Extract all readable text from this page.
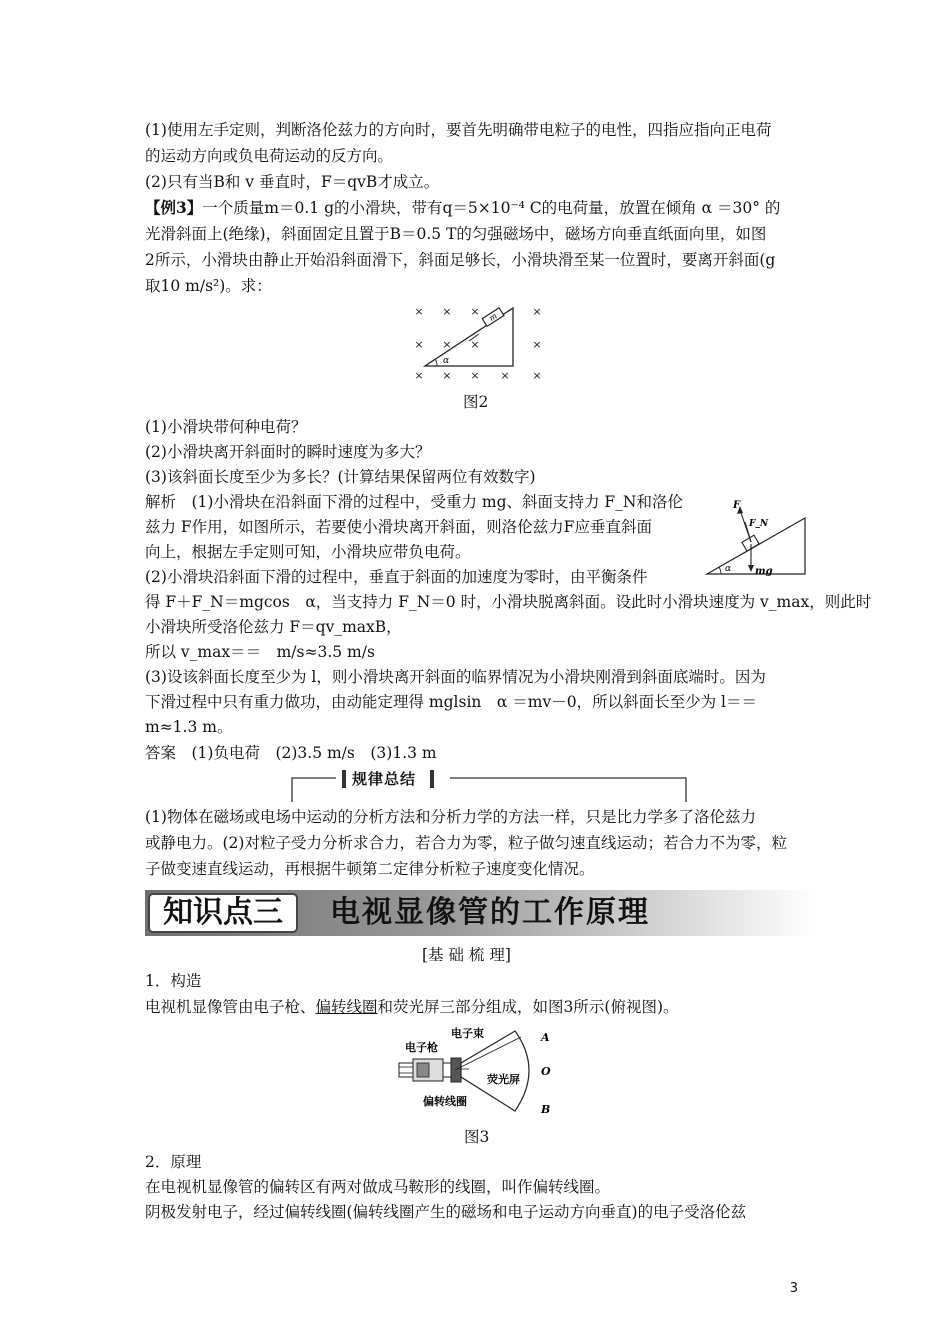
(1)使用左手定则，判断洛伦兹力的方向时，要首先明确带电粒子的电性，四指应指向正电荷
的运动方向或负电荷运动的反方向。
(2)只有当B和 v 垂直时，F＝qvB才成立。
【例3】一个质量m＝0.1 g的小滑块，带有q＝5×10⁻⁴ C的电荷量，放置在倾角 α ＝30° 的
光滑斜面上(绝缘)，斜面固定且置于B＝0.5 T的匀强磁场中，磁场方向垂直纸面向里，如图
2所示，小滑块由静止开始沿斜面滑下，斜面足够长，小滑块滑至某一位置时，要离开斜面(g
取10 m/s²)。求：
× × ×	×
× × ×	×
× × × × ×
m
α
图2
(1)小滑块带何种电荷？
(2)小滑块离开斜面时的瞬时速度为多大？
(3)该斜面长度至少为多长？(计算结果保留两位有效数字)
解析　(1)小滑块在沿斜面下滑的过程中，受重力 mg、斜面支持力 F_N和洛伦
兹力 F作用，如图所示，若要使小滑块离开斜面，则洛伦兹力F应垂直斜面
向上，根据左手定则可知，小滑块应带负电荷。
F
F_N
mg
α
(2)小滑块沿斜面下滑的过程中，垂直于斜面的加速度为零时，由平衡条件
得 F＋F_N＝mgcos　α，当支持力 F_N＝0 时，小滑块脱离斜面。设此时小滑块速度为 v_max，则此时
小滑块所受洛伦兹力 F＝qv_maxB，
所以 v_max＝＝　m/s≈3.5 m/s
(3)设该斜面长度至少为 l，则小滑块离开斜面的临界情况为小滑块刚滑到斜面底端时。因为
下滑过程中只有重力做功，由动能定理得 mglsin　α ＝mv－0，所以斜面长至少为 l＝＝
m≈1.3 m。
答案　(1)负电荷　(2)3.5 m/s　(3)1.3 m
规律总结
(1)物体在磁场或电场中运动的分析方法和分析力学的方法一样，只是比力学多了洛伦兹力
或静电力。(2)对粒子受力分析求合力，若合力为零，粒子做匀速直线运动；若合力不为零，粒
子做变速直线运动，再根据牛顿第二定律分析粒子速度变化情况。
知识点三	电视显像管的工作原理
[基 础 梳 理]
1．构造
电视机显像管由电子枪、偏转线圈和荧光屏三部分组成，如图3所示(俯视图)。
电子枪
电子束
偏转线圈
荧光屏
A
O
B
图3
2．原理
在电视机显像管的偏转区有两对做成马鞍形的线圈，叫作偏转线圈。
阴极发射电子，经过偏转线圈(偏转线圈产生的磁场和电子运动方向垂直)的电子受洛伦兹
3
